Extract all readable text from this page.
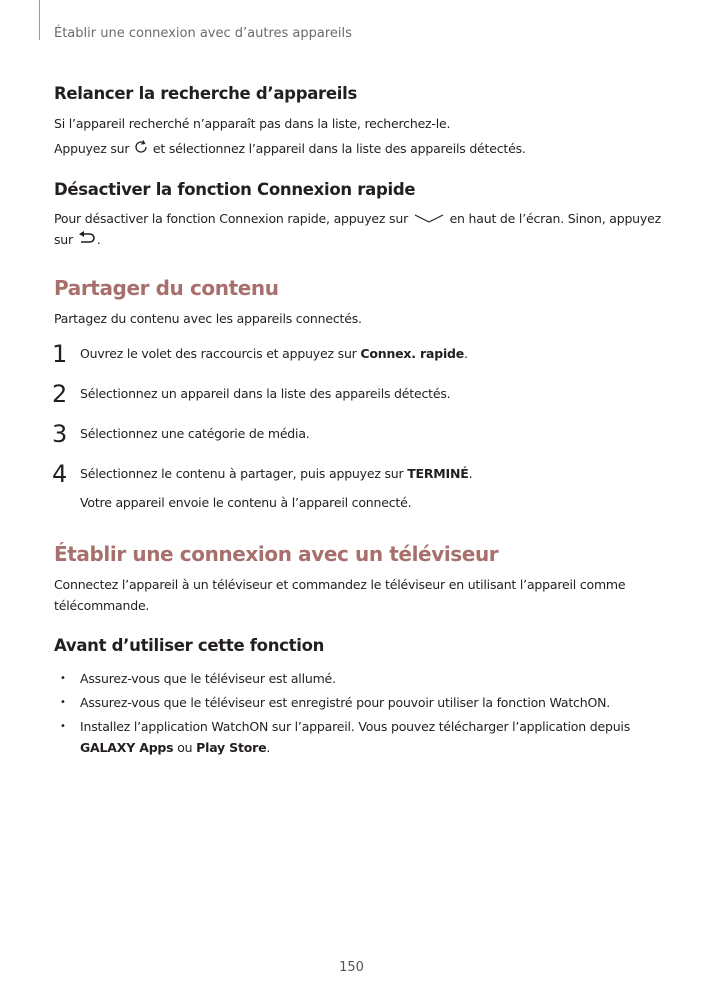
Établir une connexion avec d’autres appareils
Relancer la recherche d’appareils
Si l’appareil recherché n’apparaît pas dans la liste, recherchez-le.
Appuyez sur  et sélectionnez l’appareil dans la liste des appareils détectés.
Désactiver la fonction Connexion rapide
Pour désactiver la fonction Connexion rapide, appuyez sur	en haut de l’écran. Sinon, appuyez
sur .
Partager du contenu
Partagez du contenu avec les appareils connectés.
1 Ouvrez le volet des raccourcis et appuyez sur Connex. rapide.
2 Sélectionnez un appareil dans la liste des appareils détectés.
3 Sélectionnez une catégorie de média.
4 Sélectionnez le contenu à partager, puis appuyez sur TERMINÉ.
Votre appareil envoie le contenu à l’appareil connecté.
Établir une connexion avec un téléviseur
Connectez l’appareil à un téléviseur et commandez le téléviseur en utilisant l’appareil comme
télécommande.
Avant d’utiliser cette fonction
• Assurez-vous que le téléviseur est allumé.
• Assurez-vous que le téléviseur est enregistré pour pouvoir utiliser la fonction WatchON.
• Installez l’application WatchON sur l’appareil. Vous pouvez télécharger l’application depuis
GALAXY Apps ou Play Store.
150
